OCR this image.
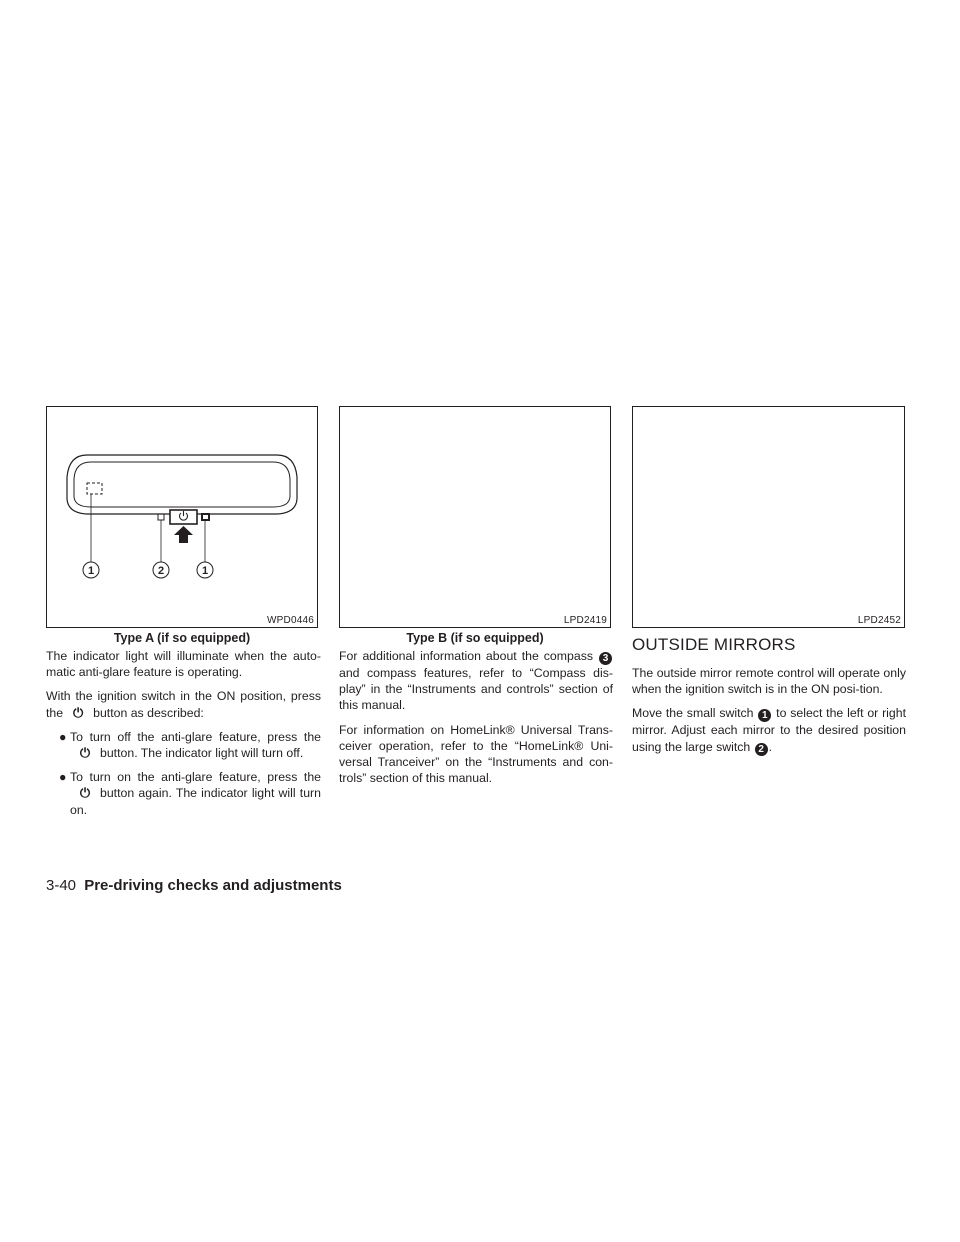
1	2	1
WPD0446	LPD2419	LPD2452
Type A (if so equipped)	Type B (if so equipped)

The indicator light will illuminate when the auto-matic anti-glare feature is operating.

With the ignition switch in the ON position, press the ⏻ button as described:

● To turn off the anti-glare feature, press the⏻ button. The indicator light will turn off.
● To turn on the anti-glare feature, press the⏻ button again. The indicator light will turn on.

For additional information about the compass 3 and compass features, refer to “Compass dis-play” in the “Instruments and controls” section of this manual.

For information on HomeLink® Universal Trans-ceiver operation, refer to the “HomeLink® Uni-versal Tranceiver” on the “Instruments and con-trols” section of this manual.

OUTSIDE MIRRORS

The outside mirror remote control will operate only when the ignition switch is in the ON posi-tion.

Move the small switch 1 to select the left or right mirror. Adjust each mirror to the desired position using the large switch 2 .

3-40 Pre-driving checks and adjustments
